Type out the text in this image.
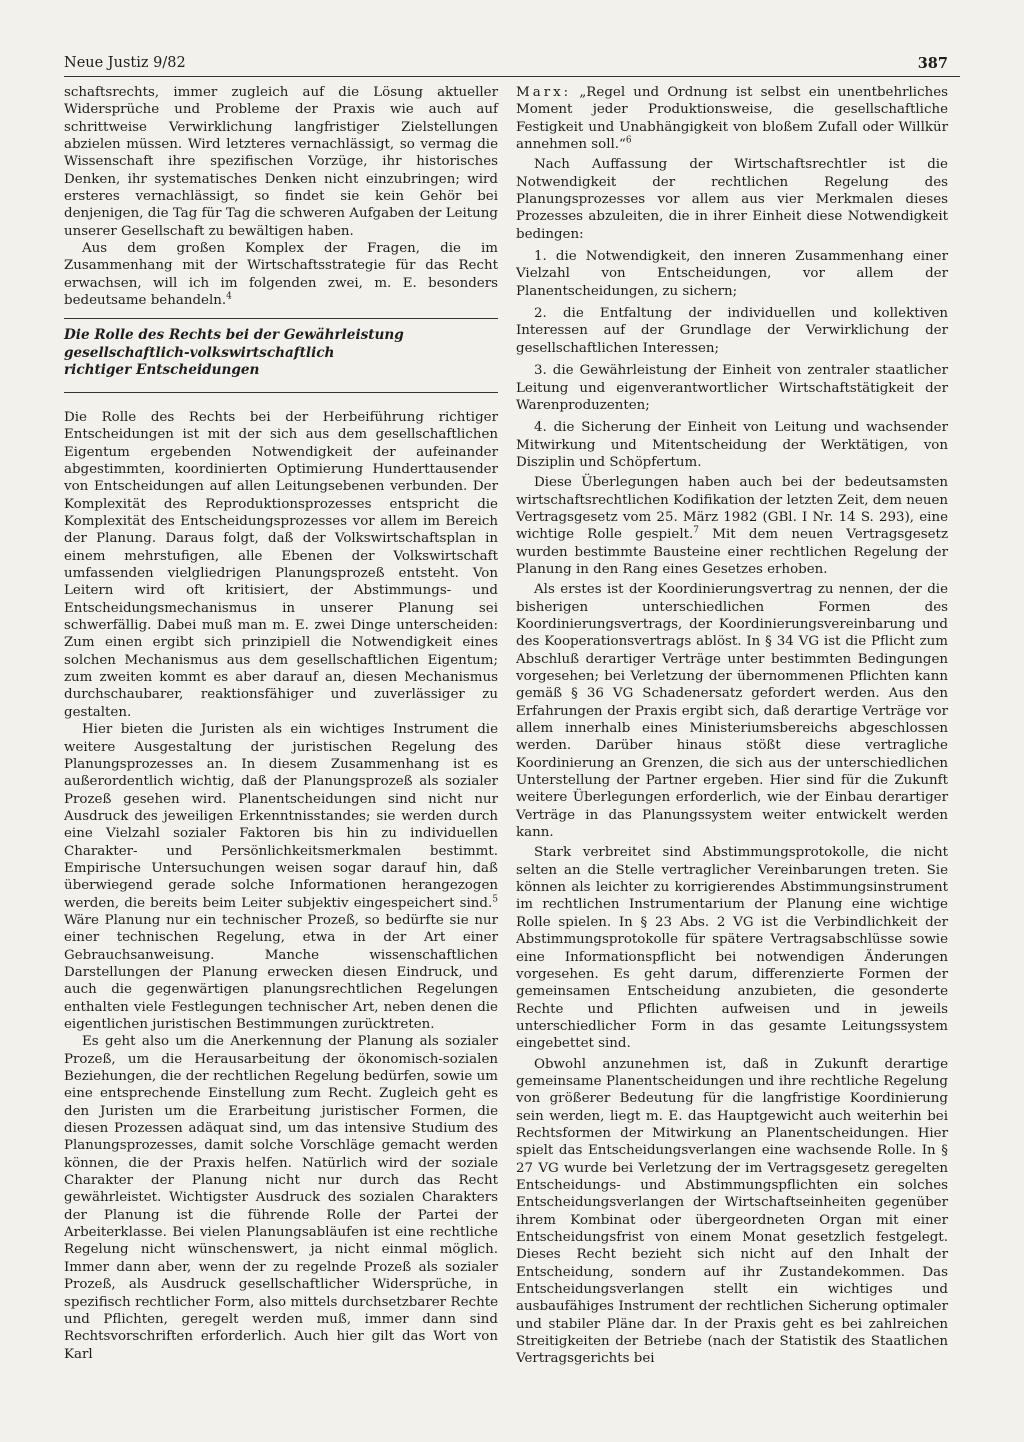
Neue Justiz 9/82	387

schaftsrechts, immer zugleich auf die Lösung aktueller Widersprüche und Probleme der Praxis wie auch auf schrittweise Verwirklichung langfristiger Zielstellungen abzielen müssen. Wird letzteres vernachlässigt, so vermag die Wissenschaft ihre spezifischen Vorzüge, ihr historisches Denken, ihr systematisches Denken nicht einzubringen; wird ersteres vernachlässigt, so findet sie kein Gehör bei denjenigen, die Tag für Tag die schweren Aufgaben der Leitung unserer Gesellschaft zu bewältigen haben.

Aus dem großen Komplex der Fragen, die im Zusammenhang mit der Wirtschaftsstrategie für das Recht erwachsen, will ich im folgenden zwei, m. E. besonders bedeutsame behandeln.$^4$

Die Rolle des Rechts bei der Gewährleistung
gesellschaftlich-volkswirtschaftlich
richtiger Entscheidungen

Die Rolle des Rechts bei der Herbeiführung richtiger Entscheidungen ist mit der sich aus dem gesellschaftlichen Eigentum ergebenden Notwendigkeit der aufeinander abgestimmten, koordinierten Optimierung Hunderttausender von Entscheidungen auf allen Leitungsebenen verbunden. Der Komplexität des Reproduktionsprozesses entspricht die Komplexität des Entscheidungsprozesses vor allem im Bereich der Planung. Daraus folgt, daß der Volkswirtschaftsplan in einem mehrstufigen, alle Ebenen der Volkswirtschaft umfassenden vielgliedrigen Planungsprozeß entsteht. Von Leitern wird oft kritisiert, der Abstimmungs- und Entscheidungsmechanismus in unserer Planung sei schwerfällig. Dabei muß man m. E. zwei Dinge unterscheiden: Zum einen ergibt sich prinzipiell die Notwendigkeit eines solchen Mechanismus aus dem gesellschaftlichen Eigentum; zum zweiten kommt es aber darauf an, diesen Mechanismus durchschaubarer, reaktionsfähiger und zuverlässiger zu gestalten.

Hier bieten die Juristen als ein wichtiges Instrument die weitere Ausgestaltung der juristischen Regelung des Planungsprozesses an. In diesem Zusammenhang ist es außerordentlich wichtig, daß der Planungsprozeß als sozialer Prozeß gesehen wird. Planentscheidungen sind nicht nur Ausdruck des jeweiligen Erkenntnisstandes; sie werden durch eine Vielzahl sozialer Faktoren bis hin zu individuellen Charakter- und Persönlichkeitsmerkmalen bestimmt. Empirische Untersuchungen weisen sogar darauf hin, daß überwiegend gerade solche Informationen herangezogen werden, die bereits beim Leiter subjektiv eingespeichert sind.$^5$ Wäre Planung nur ein technischer Prozeß, so bedürfte sie nur einer technischen Regelung, etwa in der Art einer Gebrauchsanweisung. Manche wissenschaftlichen Darstellungen der Planung erwecken diesen Eindruck, und auch die gegenwärtigen planungsrechtlichen Regelungen enthalten viele Festlegungen technischer Art, neben denen die eigentlichen juristischen Bestimmungen zurücktreten.

Es geht also um die Anerkennung der Planung als sozialer Prozeß, um die Herausarbeitung der ökonomisch-sozialen Beziehungen, die der rechtlichen Regelung bedürfen, sowie um eine entsprechende Einstellung zum Recht. Zugleich geht es den Juristen um die Erarbeitung juristischer Formen, die diesen Prozessen adäquat sind, um das intensive Studium des Planungsprozesses, damit solche Vorschläge gemacht werden können, die der Praxis helfen. Natürlich wird der soziale Charakter der Planung nicht nur durch das Recht gewährleistet. Wichtigster Ausdruck des sozialen Charakters der Planung ist die führende Rolle der Partei der Arbeiterklasse. Bei vielen Planungsabläufen ist eine rechtliche Regelung nicht wünschenswert, ja nicht einmal möglich. Immer dann aber, wenn der zu regelnde Prozeß als sozialer Prozeß, als Ausdruck gesellschaftlicher Widersprüche, in spezifisch rechtlicher Form, also mittels durchsetzbarer Rechte und Pflichten, geregelt werden muß, immer dann sind Rechtsvorschriften erforderlich. Auch hier gilt das Wort von Karl

Marx: „Regel und Ordnung ist selbst ein unentbehrliches Moment jeder Produktionsweise, die gesellschaftliche Festigkeit und Unabhängigkeit von bloßem Zufall oder Willkür annehmen soll.“$^6$

Nach Auffassung der Wirtschaftsrechtler ist die Notwendigkeit der rechtlichen Regelung des Planungsprozesses vor allem aus vier Merkmalen dieses Prozesses abzuleiten, die in ihrer Einheit diese Notwendigkeit bedingen:

1. die Notwendigkeit, den inneren Zusammenhang einer Vielzahl von Entscheidungen, vor allem der Planentscheidungen, zu sichern;

2. die Entfaltung der individuellen und kollektiven Interessen auf der Grundlage der Verwirklichung der gesellschaftlichen Interessen;

3. die Gewährleistung der Einheit von zentraler staatlicher Leitung und eigenverantwortlicher Wirtschaftstätigkeit der Warenproduzenten;

4. die Sicherung der Einheit von Leitung und wachsender Mitwirkung und Mitentscheidung der Werktätigen, von Disziplin und Schöpfertum.

Diese Überlegungen haben auch bei der bedeutsamsten wirtschaftsrechtlichen Kodifikation der letzten Zeit, dem neuen Vertragsgesetz vom 25. März 1982 (GBl. I Nr. 14 S. 293), eine wichtige Rolle gespielt.$^7$ Mit dem neuen Vertragsgesetz wurden bestimmte Bausteine einer rechtlichen Regelung der Planung in den Rang eines Gesetzes erhoben.

Als erstes ist der Koordinierungsvertrag zu nennen, der die bisherigen unterschiedlichen Formen des Koordinierungsvertrags, der Koordinierungsvereinbarung und des Kooperationsvertrags ablöst. In § 34 VG ist die Pflicht zum Abschluß derartiger Verträge unter bestimmten Bedingungen vorgesehen; bei Verletzung der übernommenen Pflichten kann gemäß § 36 VG Schadenersatz gefordert werden. Aus den Erfahrungen der Praxis ergibt sich, daß derartige Verträge vor allem innerhalb eines Ministeriumsbereichs abgeschlossen werden. Darüber hinaus stößt diese vertragliche Koordinierung an Grenzen, die sich aus der unterschiedlichen Unterstellung der Partner ergeben. Hier sind für die Zukunft weitere Überlegungen erforderlich, wie der Einbau derartiger Verträge in das Planungssystem weiter entwickelt werden kann.

Stark verbreitet sind Abstimmungsprotokolle, die nicht selten an die Stelle vertraglicher Vereinbarungen treten. Sie können als leichter zu korrigierendes Abstimmungsinstrument im rechtlichen Instrumentarium der Planung eine wichtige Rolle spielen. In § 23 Abs. 2 VG ist die Verbindlichkeit der Abstimmungsprotokolle für spätere Vertragsabschlüsse sowie eine Informationspflicht bei notwendigen Änderungen vorgesehen. Es geht darum, differenzierte Formen der gemeinsamen Entscheidung anzubieten, die gesonderte Rechte und Pflichten aufweisen und in jeweils unterschiedlicher Form in das gesamte Leitungssystem eingebettet sind.

Obwohl anzunehmen ist, daß in Zukunft derartige gemeinsame Planentscheidungen und ihre rechtliche Regelung von größerer Bedeutung für die langfristige Koordinierung sein werden, liegt m. E. das Hauptgewicht auch weiterhin bei Rechtsformen der Mitwirkung an Planentscheidungen. Hier spielt das Entscheidungsverlangen eine wachsende Rolle. In § 27 VG wurde bei Verletzung der im Vertragsgesetz geregelten Entscheidungs- und Abstimmungspflichten ein solches Entscheidungsverlangen der Wirtschaftseinheiten gegenüber ihrem Kombinat oder übergeordneten Organ mit einer Entscheidungsfrist von einem Monat gesetzlich festgelegt. Dieses Recht bezieht sich nicht auf den Inhalt der Entscheidung, sondern auf ihr Zustandekommen. Das Entscheidungsverlangen stellt ein wichtiges und ausbaufähiges Instrument der rechtlichen Sicherung optimaler und stabiler Pläne dar. In der Praxis geht es bei zahlreichen Streitigkeiten der Betriebe (nach der Statistik des Staatlichen Vertragsgerichts bei
